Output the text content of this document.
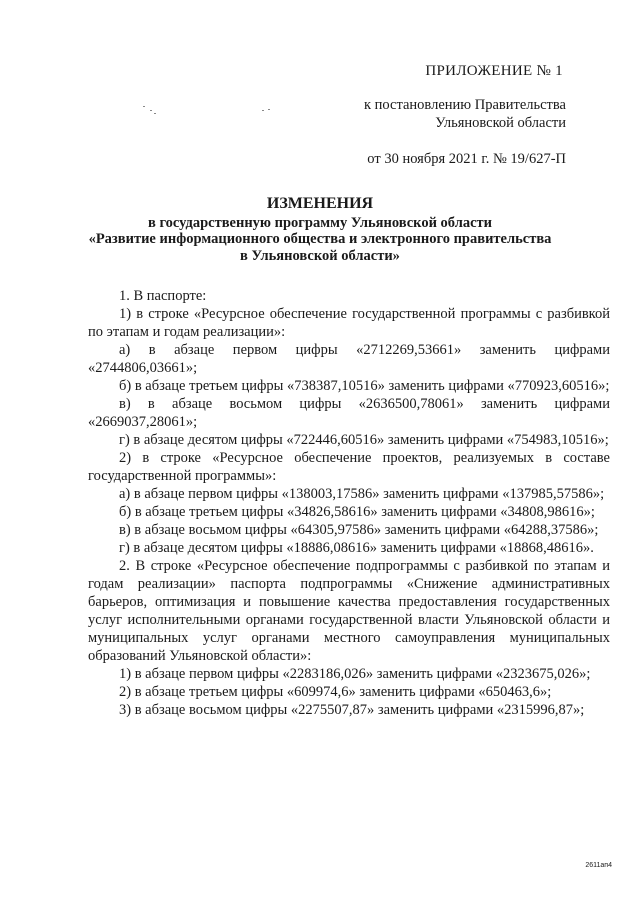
ПРИЛОЖЕНИЕ № 1
к постановлению Правительства
Ульяновской области
от 30 ноября 2021 г. № 19/627-П
ИЗМЕНЕНИЯ
в государственную программу Ульяновской области
«Развитие информационного общества и электронного правительства
в Ульяновской области»
1. В паспорте:
1) в строке «Ресурсное обеспечение государственной программы с разбивкой по этапам и годам реализации»:
а) в абзаце первом цифры «2712269,53661» заменить цифрами «2744806,03661»;
б) в абзаце третьем цифры «738387,10516» заменить цифрами «770923,60516»;
в) в абзаце восьмом цифры «2636500,78061» заменить цифрами «2669037,28061»;
г) в абзаце десятом цифры «722446,60516» заменить цифрами «754983,10516»;
2) в строке «Ресурсное обеспечение проектов, реализуемых в составе государственной программы»:
а) в абзаце первом цифры «138003,17586» заменить цифрами «137985,57586»;
б) в абзаце третьем цифры «34826,58616» заменить цифрами «34808,98616»;
в) в абзаце восьмом цифры «64305,97586» заменить цифрами «64288,37586»;
г) в абзаце десятом цифры «18886,08616» заменить цифрами «18868,48616».
2. В строке «Ресурсное обеспечение подпрограммы с разбивкой по этапам и годам реализации» паспорта подпрограммы «Снижение административных барьеров, оптимизация и повышение качества предоставления государственных услуг исполнительными органами государственной власти Ульяновской области и муниципальных услуг органами местного самоуправления муниципальных образований Ульяновской области»:
1) в абзаце первом цифры «2283186,026» заменить цифрами «2323675,026»;
2) в абзаце третьем цифры «609974,6» заменить цифрами «650463,6»;
3) в абзаце восьмом цифры «2275507,87» заменить цифрами «2315996,87»;
2611ап4
